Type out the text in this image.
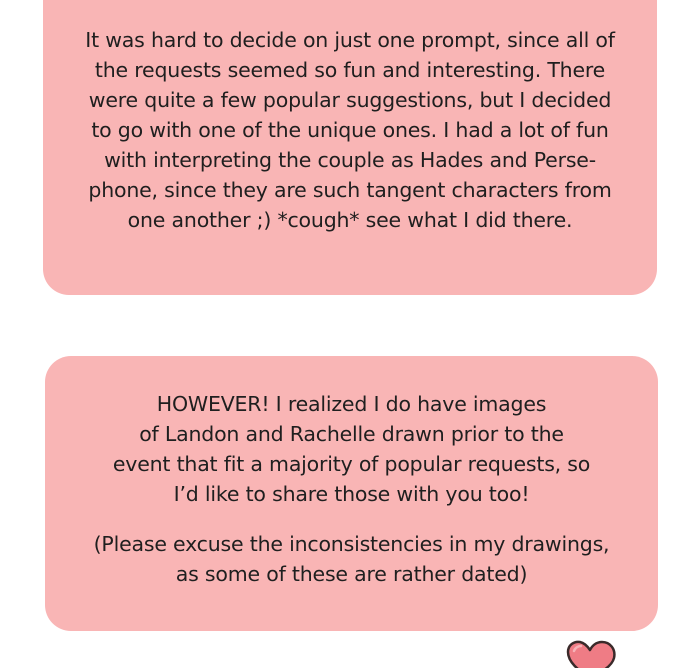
It was hard to decide on just one prompt, since all of
the requests seemed so fun and interesting. There
were quite a few popular suggestions, but I decided
to go with one of the unique ones. I had a lot of fun
with interpreting the couple as Hades and Perse-
phone, since they are such tangent characters from
one another ;) *cough* see what I did there.

HOWEVER! I realized I do have images
of Landon and Rachelle drawn prior to the
event that fit a majority of popular requests, so
I’d like to share those with you too!

(Please excuse the inconsistencies in my drawings,
as some of these are rather dated)
